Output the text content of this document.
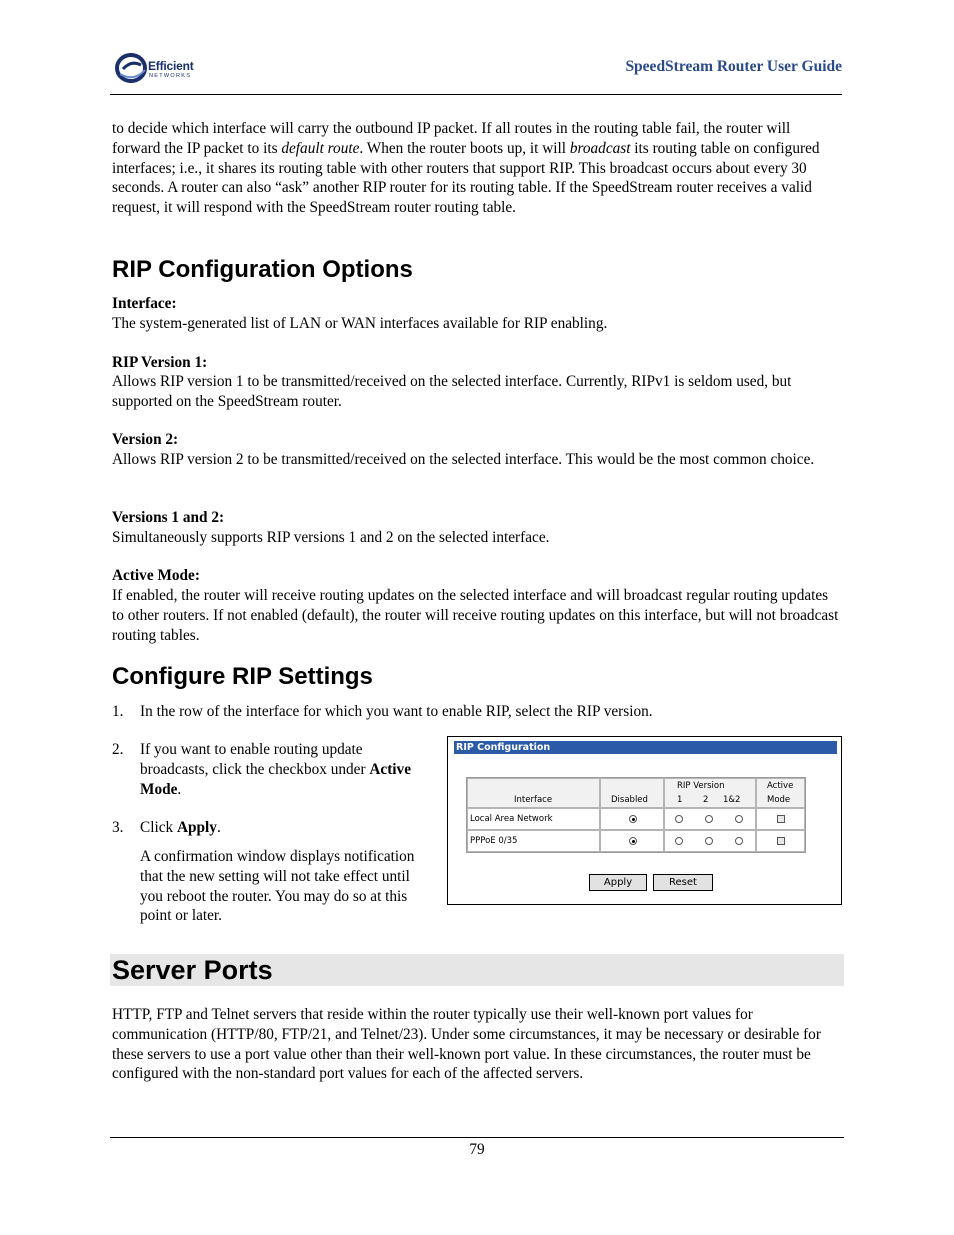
Efficient
NETWORKS
SpeedStream Router User Guide

to decide which interface will carry the outbound IP packet. If all routes in the routing table fail, the router will forward the IP packet to its default route. When the router boots up, it will broadcast its routing table on configured interfaces; i.e., it shares its routing table with other routers that support RIP. This broadcast occurs about every 30 seconds. A router can also “ask” another RIP router for its routing table. If the SpeedStream router receives a valid request, it will respond with the SpeedStream router routing table.

RIP Configuration Options
Interface:

The system-generated list of LAN or WAN interfaces available for RIP enabling.

RIP Version 1:

Allows RIP version 1 to be transmitted/received on the selected interface. Currently, RIPv1 is seldom used, but supported on the SpeedStream router.

Version 2:

Allows RIP version 2 to be transmitted/received on the selected interface. This would be the most common choice.

Versions 1 and 2:

Simultaneously supports RIP versions 1 and 2 on the selected interface.

Active Mode:

If enabled, the router will receive routing updates on the selected interface and will broadcast regular routing updates to other routers. If not enabled (default), the router will receive routing updates on this interface, but will not broadcast routing tables.

Configure RIP Settings
1. In the row of the interface for which you want to enable RIP, select the RIP version.

2. If you want to enable routing update broadcasts, click the checkbox under Active Mode.

3. Click Apply.

A confirmation window displays notification that the new setting will not take effect until you reboot the router. You may do so at this point or later.

RIP Configuration
Interface	Disabled
RIP Version
1 2 1&2
Active
Mode
Local Area Network
PPPoE 0/35
Apply	Reset
Server Ports

HTTP, FTP and Telnet servers that reside within the router typically use their well-known port values for communication (HTTP/80, FTP/21, and Telnet/23). Under some circumstances, it may be necessary or desirable for these servers to use a port value other than their well-known port value. In these circumstances, the router must be configured with the non-standard port values for each of the affected servers.

79
